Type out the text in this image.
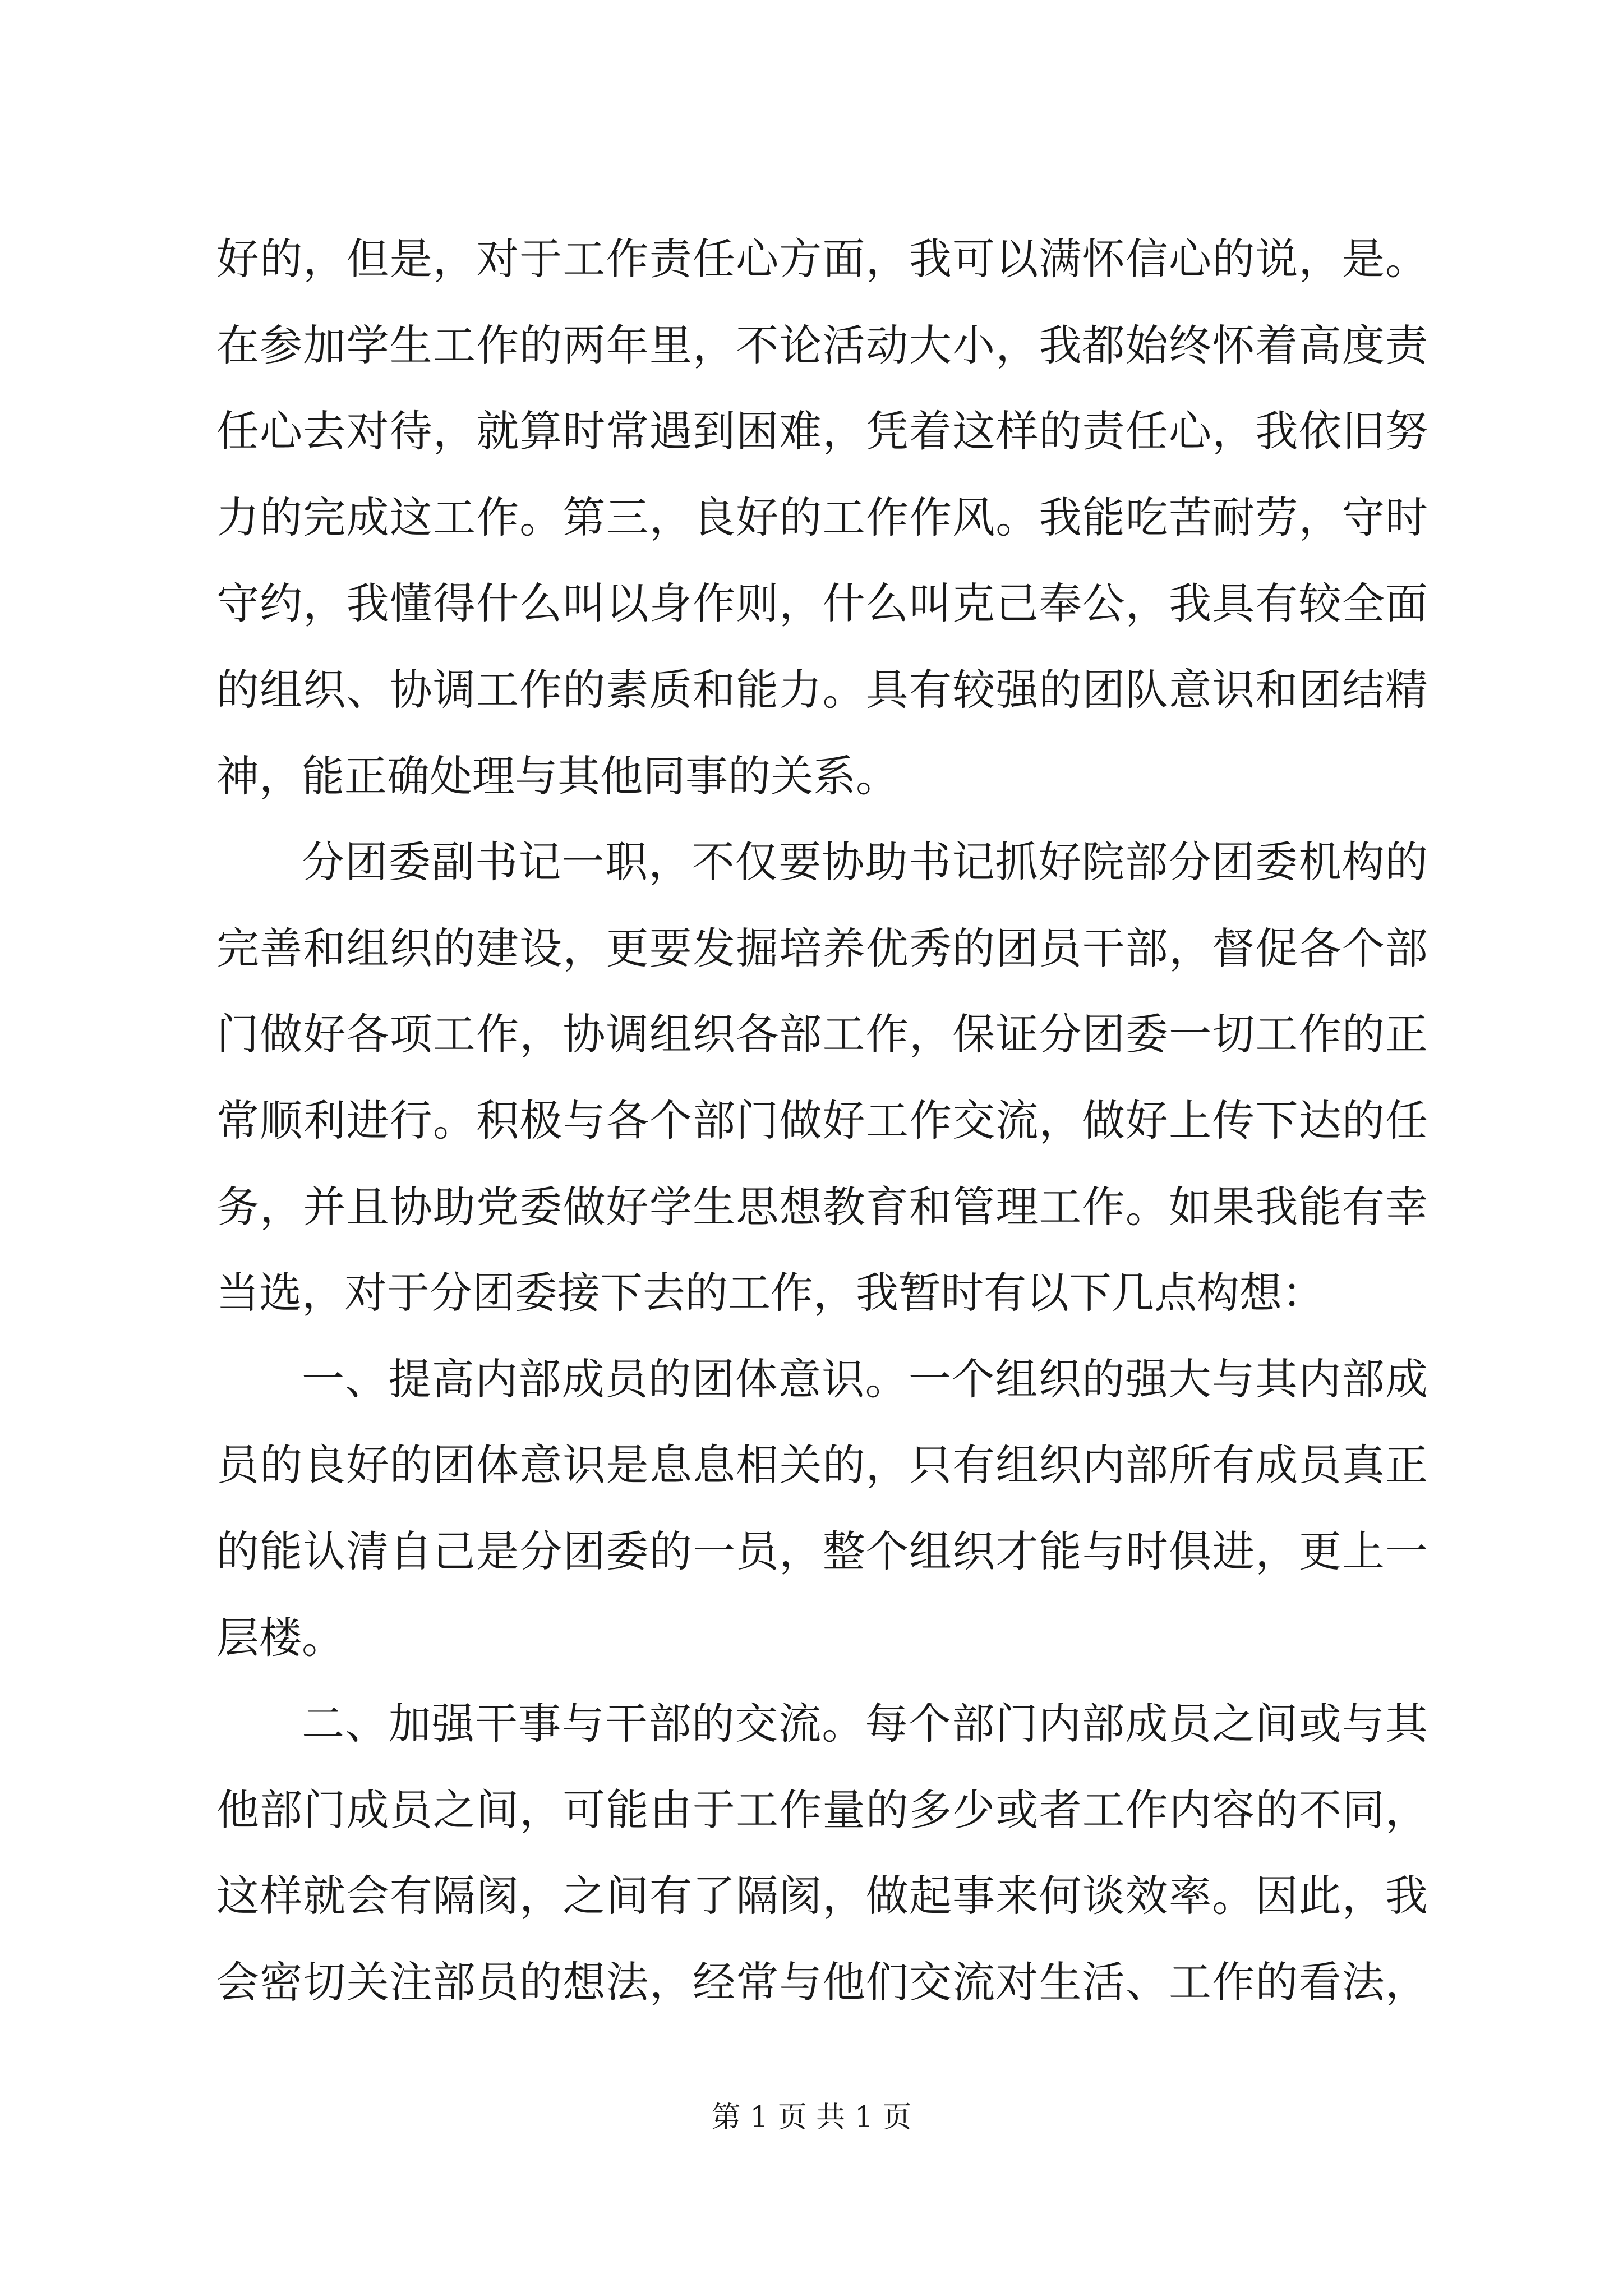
好的，但是，对于工作责任心方面，我可以满怀信心的说，是。
在参加学生工作的两年里，不论活动大小，我都始终怀着高度责
任心去对待，就算时常遇到困难，凭着这样的责任心，我依旧努
力的完成这工作。第三，良好的工作作风。我能吃苦耐劳，守时
守约，我懂得什么叫以身作则，什么叫克己奉公，我具有较全面
的组织、协调工作的素质和能力。具有较强的团队意识和团结精
神，能正确处理与其他同事的关系。
分团委副书记一职，不仅要协助书记抓好院部分团委机构的
完善和组织的建设，更要发掘培养优秀的团员干部，督促各个部
门做好各项工作，协调组织各部工作，保证分团委一切工作的正
常顺利进行。积极与各个部门做好工作交流，做好上传下达的任
务，并且协助党委做好学生思想教育和管理工作。如果我能有幸
当选，对于分团委接下去的工作，我暂时有以下几点构想：
一、提高内部成员的团体意识。一个组织的强大与其内部成
员的良好的团体意识是息息相关的，只有组织内部所有成员真正
的能认清自己是分团委的一员，整个组织才能与时俱进，更上一
层楼。
二、加强干事与干部的交流。每个部门内部成员之间或与其
他部门成员之间，可能由于工作量的多少或者工作内容的不同，
这样就会有隔阂，之间有了隔阂，做起事来何谈效率。因此，我
会密切关注部员的想法，经常与他们交流对生活、工作的看法，
第 1 页 共 1 页
